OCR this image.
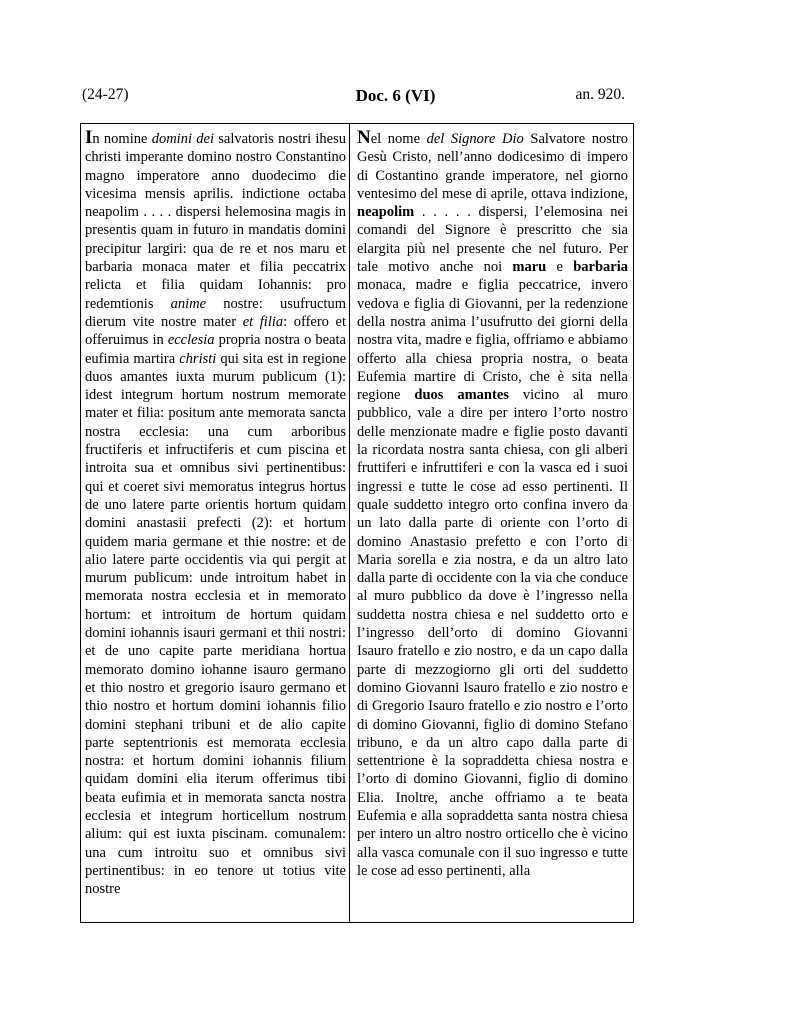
(24-27)	Doc. 6 (VI)	an. 920.

In nomine domini dei salvatoris nostri ihesu christi imperante domino nostro Constantino magno imperatore anno duodecimo die vicesima mensis aprilis. indictione octaba neapolim . . . . dispersi helemosina magis in presentis quam in futuro in mandatis domini precipitur largiri: qua de re et nos maru et barbaria monaca mater et filia peccatrix relicta et filia quidam Iohannis: pro redemtionis anime nostre: usufructum dierum vite nostre mater et filia: offero et offeruimus in ecclesia propria nostra o beata eufimia martira christi qui sita est in regione duos amantes iuxta murum publicum (1): idest integrum hortum nostrum memorate mater et filia: positum ante memorata sancta nostra ecclesia: una cum arboribus fructiferis et infructiferis et cum piscina et introita sua et omnibus sivi pertinentibus: qui et coeret sivi memoratus integrus hortus de uno latere parte orientis hortum quidam domini anastasii prefecti (2): et hortum quidem maria germane et thie nostre: et de alio latere parte occidentis via qui pergit at murum publicum: unde introitum habet in memorata nostra ecclesia et in memorato hortum: et introitum de hortum quidam domini iohannis isauri germani et thii nostri: et de uno capite parte meridiana hortua memorato domino iohanne isauro germano et thio nostro et gregorio isauro germano et thio nostro et hortum domini iohannis filio domini stephani tribuni et de alio capite parte septentrionis est memorata ecclesia nostra: et hortum domini iohannis filium quidam domini elia iterum offerimus tibi beata eufimia et in memorata sancta nostra ecclesia et integrum horticellum nostrum alium: qui est iuxta piscinam. comunalem: una cum introitu suo et omnibus sivi pertinentibus: in eo tenore ut totius vite nostre

Nel nome del Signore Dio Salvatore nostro Gesù Cristo, nell’anno dodicesimo di impero di Costantino grande imperatore, nel giorno ventesimo del mese di aprile, ottava indizione, neapolim . . . . . dispersi, l’elemosina nei comandi del Signore è prescritto che sia elargita più nel presente che nel futuro. Per tale motivo anche noi maru e barbaria monaca, madre e figlia peccatrice, invero vedova e figlia di Giovanni, per la redenzione della nostra anima l’usufrutto dei giorni della nostra vita, madre e figlia, offriamo e abbiamo offerto alla chiesa propria nostra, o beata Eufemia martire di Cristo, che è sita nella regione duos amantes vicino al muro pubblico, vale a dire per intero l’orto nostro delle menzionate madre e figlie posto davanti la ricordata nostra santa chiesa, con gli alberi fruttiferi e infruttiferi e con la vasca ed i suoi ingressi e tutte le cose ad esso pertinenti. Il quale suddetto integro orto confina invero da un lato dalla parte di oriente con l’orto di domino Anastasio prefetto e con l’orto di Maria sorella e zia nostra, e da un altro lato dalla parte di occidente con la via che conduce al muro pubblico da dove è l’ingresso nella suddetta nostra chiesa e nel suddetto orto e l’ingresso dell’orto di domino Giovanni Isauro fratello e zio nostro, e da un capo dalla parte di mezzogiorno gli orti del suddetto domino Giovanni Isauro fratello e zio nostro e di Gregorio Isauro fratello e zio nostro e l’orto di domino Giovanni, figlio di domino Stefano tribuno, e da un altro capo dalla parte di settentrione è la sopraddetta chiesa nostra e l’orto di domino Giovanni, figlio di domino Elia. Inoltre, anche offriamo a te beata Eufemia e alla sopraddetta santa nostra chiesa per intero un altro nostro orticello che è vicino alla vasca comunale con il suo ingresso e tutte le cose ad esso pertinenti, alla
